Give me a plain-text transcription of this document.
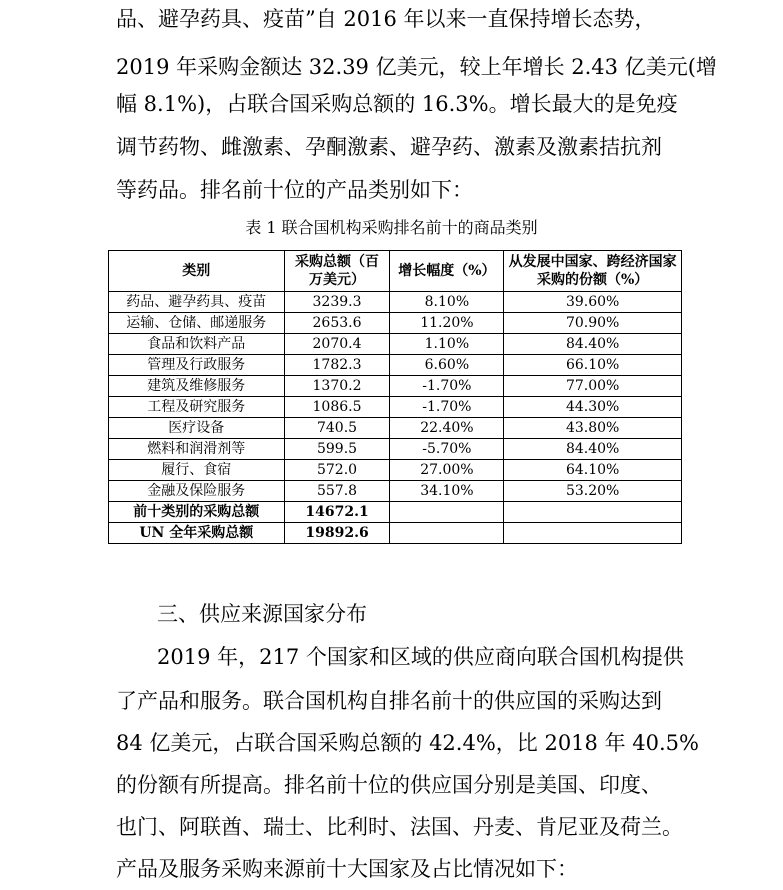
品、避孕药具、疫苗”自 2016 年以来一直保持增长态势，
2019 年采购金额达 32.39 亿美元，较上年增长 2.43 亿美元(增
幅 8.1%)，占联合国采购总额的 16.3%。增长最大的是免疫
调节药物、雌激素、孕酮激素、避孕药、激素及激素拮抗剂
等药品。排名前十位的产品类别如下：
表 1 联合国机构采购排名前十的商品类别
类别	采购总额（百万美元）	增长幅度（%）	从发展中国家、跨经济国家采购的份额（%）
药品、避孕药具、疫苗	3239.3	8.10%	39.60%
运输、仓储、邮递服务	2653.6	11.20%	70.90%
食品和饮料产品	2070.4	1.10%	84.40%
管理及行政服务	1782.3	6.60%	66.10%
建筑及维修服务	1370.2	-1.70%	77.00%
工程及研究服务	1086.5	-1.70%	44.30%
医疗设备	740.5	22.40%	43.80%
燃料和润滑剂等	599.5	-5.70%	84.40%
履行、食宿	572.0	27.00%	64.10%
金融及保险服务	557.8	34.10%	53.20%
前十类别的采购总额	14672.1		
UN 全年采购总额	19892.6		
三、供应来源国家分布
2019 年，217 个国家和区域的供应商向联合国机构提供
了产品和服务。联合国机构自排名前十的供应国的采购达到
84 亿美元，占联合国采购总额的 42.4%，比 2018 年 40.5%
的份额有所提高。排名前十位的供应国分别是美国、印度、
也门、阿联酋、瑞士、比利时、法国、丹麦、肯尼亚及荷兰。
产品及服务采购来源前十大国家及占比情况如下：
